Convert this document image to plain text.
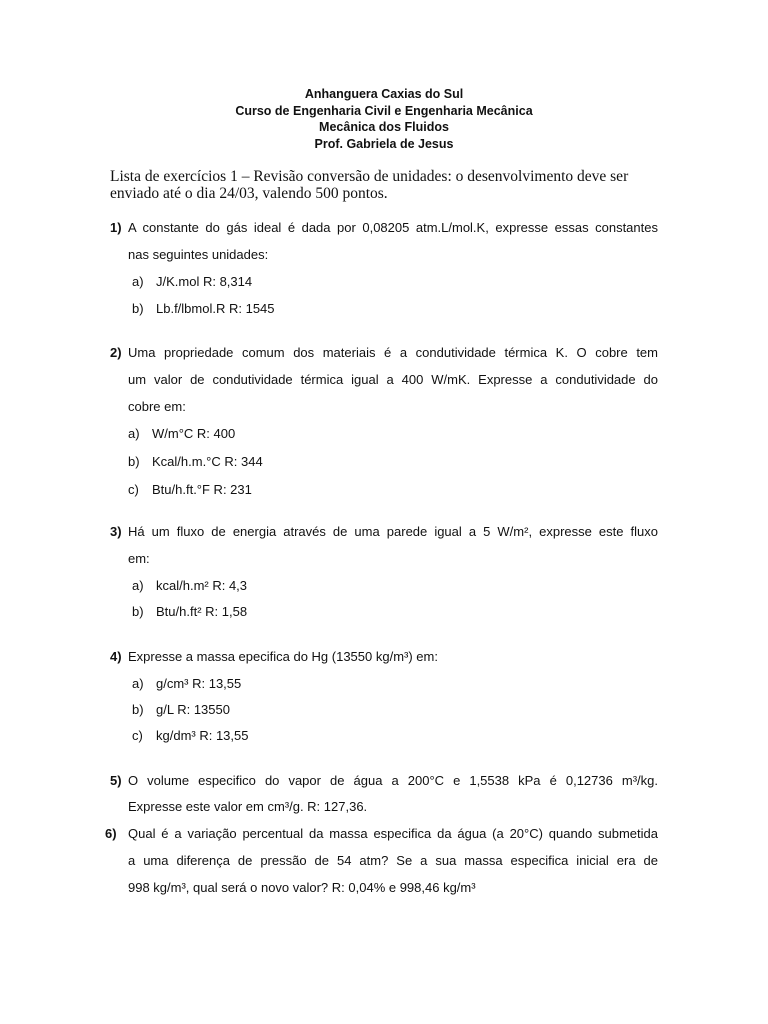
Anhanguera Caxias do Sul
Curso de Engenharia Civil e Engenharia Mecânica
Mecânica dos Fluidos
Prof. Gabriela de Jesus
Lista de exercícios 1 – Revisão conversão de unidades: o desenvolvimento deve ser enviado até o dia 24/03, valendo 500 pontos.
1) A constante do gás ideal é dada por 0,08205 atm.L/mol.K, expresse essas constantes
nas seguintes unidades:
a) J/K.mol R: 8,314
b) Lb.f/lbmol.R R: 1545
2) Uma propriedade comum dos materiais é a condutividade térmica K. O cobre tem
um valor de condutividade térmica igual a 400 W/mK. Expresse a condutividade do
cobre em:
a) W/m°C R: 400
b) Kcal/h.m.°C R: 344
c) Btu/h.ft.°F R: 231
3) Há um fluxo de energia através de uma parede igual a 5 W/m², expresse este fluxo
em:
a) kcal/h.m² R: 4,3
b) Btu/h.ft² R: 1,58
4) Expresse a massa epecifica do Hg (13550 kg/m³) em:
a) g/cm³ R: 13,55
b) g/L R: 13550
c) kg/dm³ R: 13,55
5) O volume especifico do vapor de água a 200°C e 1,5538 kPa é 0,12736 m³/kg.
Expresse este valor em cm³/g. R: 127,36.
6) Qual é a variação percentual da massa especifica da água (a 20°C) quando submetida
a uma diferença de pressão de 54 atm? Se a sua massa especifica inicial era de
998 kg/m³, qual será o novo valor? R: 0,04% e 998,46 kg/m³
